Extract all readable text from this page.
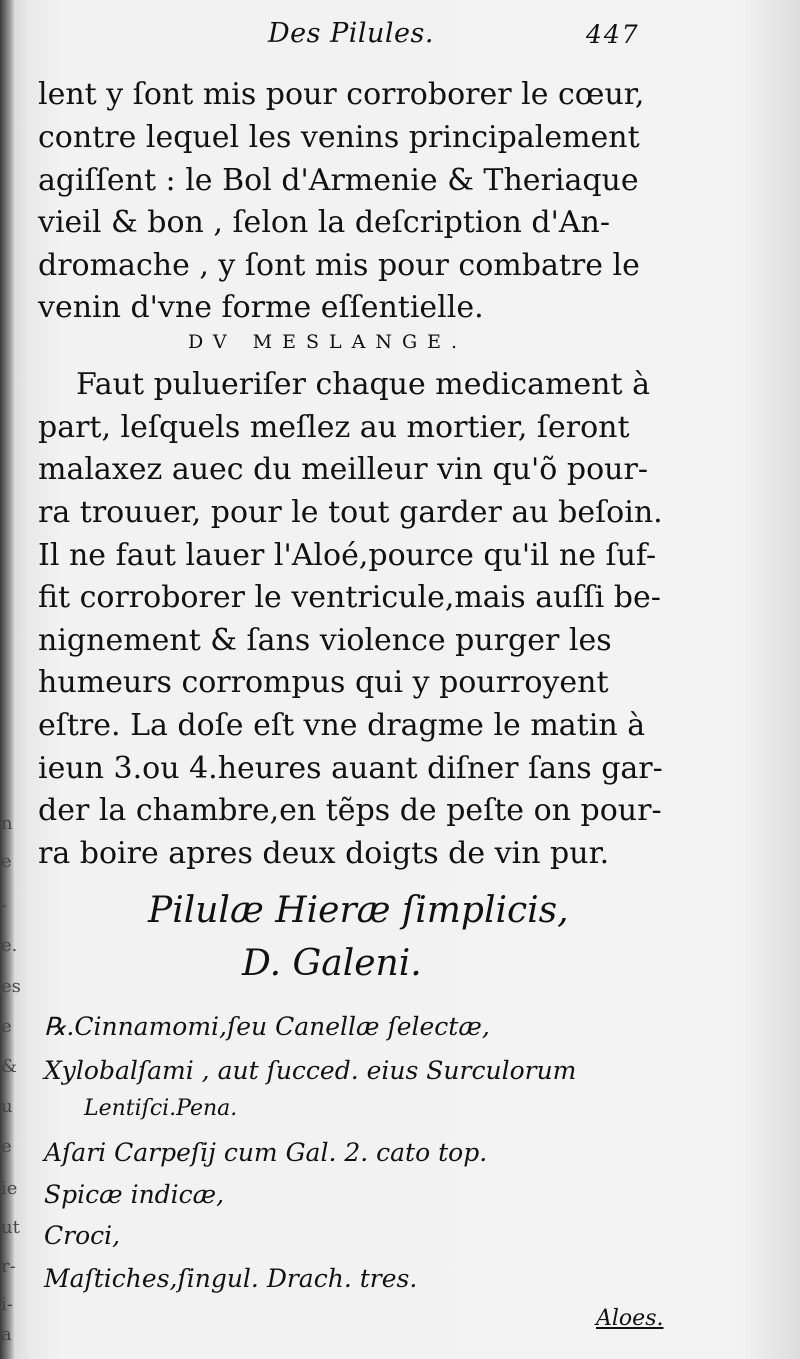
Des Pilules.	447
lent y ſont mis pour corroborer le cœur,
contre lequel les venins principalement
agiſſent : le Bol d'Armenie & Theriaque
vieil & bon , ſelon la deſcription d'An-
dromache , y ſont mis pour combatre le
venin d'vne forme eſſentielle.
DV MESLANGE.
Faut pulueriſer chaque medicament à
part, leſquels meſlez au mortier, ſeront
malaxez auec du meilleur vin qu'õ pour-
ra trouuer, pour le tout garder au beſoin.
Il ne faut lauer l'Aloé,pource qu'il ne ſuf-
fit corroborer le ventricule,mais auſſi be-
nignement & ſans violence purger les
humeurs corrompus qui y pourroyent
eſtre. La doſe eſt vne dragme le matin à
ieun 3.ou 4.heures auant diſner ſans gar-
der la chambre,en tẽps de peſte on pour-
ra boire apres deux doigts de vin pur.
Pilulæ Hieræ ſimplicis,
D. Galeni.
℞.Cinnamomi,ſeu Canellæ ſelectæ,
Xylobalſami , aut ſucced. eius Surculorum
Lentiſci.Pena.
Aſari Carpeſij cum Gal. 2. cato top.
Spicæ indicæ,
Croci,
Maſtiches,ſingul. Drach. tres.
Aloes.
n
e
-
e.
es
e
&
u
e
ie
ut
r-
i-
a
